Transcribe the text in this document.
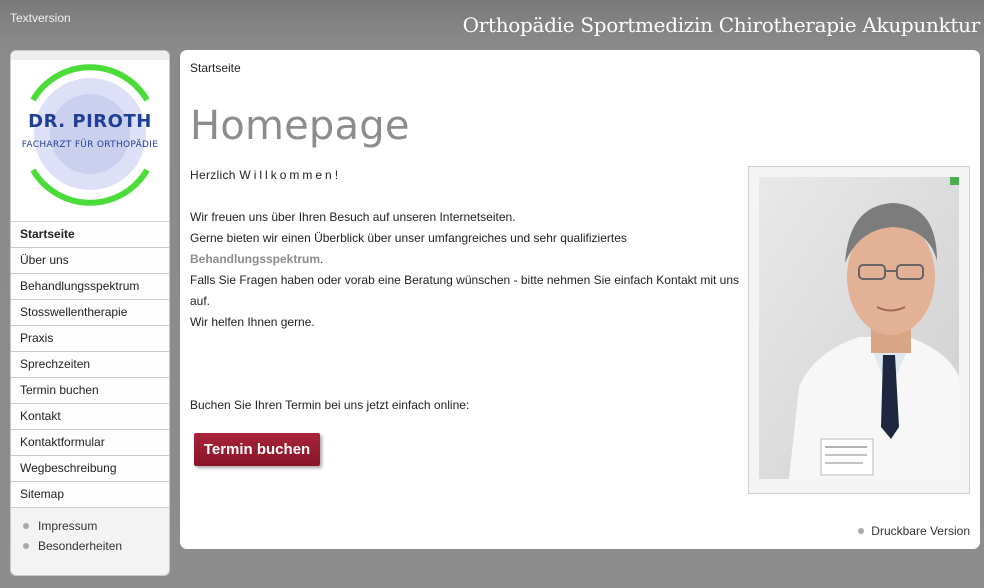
Textversion	Orthopädie Sportmedizin Chirotherapie Akupunktur
DR. PIROTH
FACHARZT FÜR ORTHOPÄDIE
Startseite
Über uns
Behandlungsspektrum
Stosswellentherapie
Praxis
Sprechzeiten
Termin buchen
Kontakt
Kontaktformular
Wegbeschreibung
Sitemap
Impressum
Besonderheiten
Startseite
Homepage

Herzlich Willkommen!

Wir freuen uns über Ihren Besuch auf unseren Internetseiten.

Gerne bieten wir einen Überblick über unser umfangreiches und sehr qualifiziertes

Behandlungsspektrum.

Falls Sie Fragen haben oder vorab eine Beratung wünschen - bitte nehmen Sie einfach Kontakt mit uns auf.

Wir helfen Ihnen gerne.

Buchen Sie Ihren Termin bei uns jetzt einfach online:
Termin buchen
Druckbare Version
